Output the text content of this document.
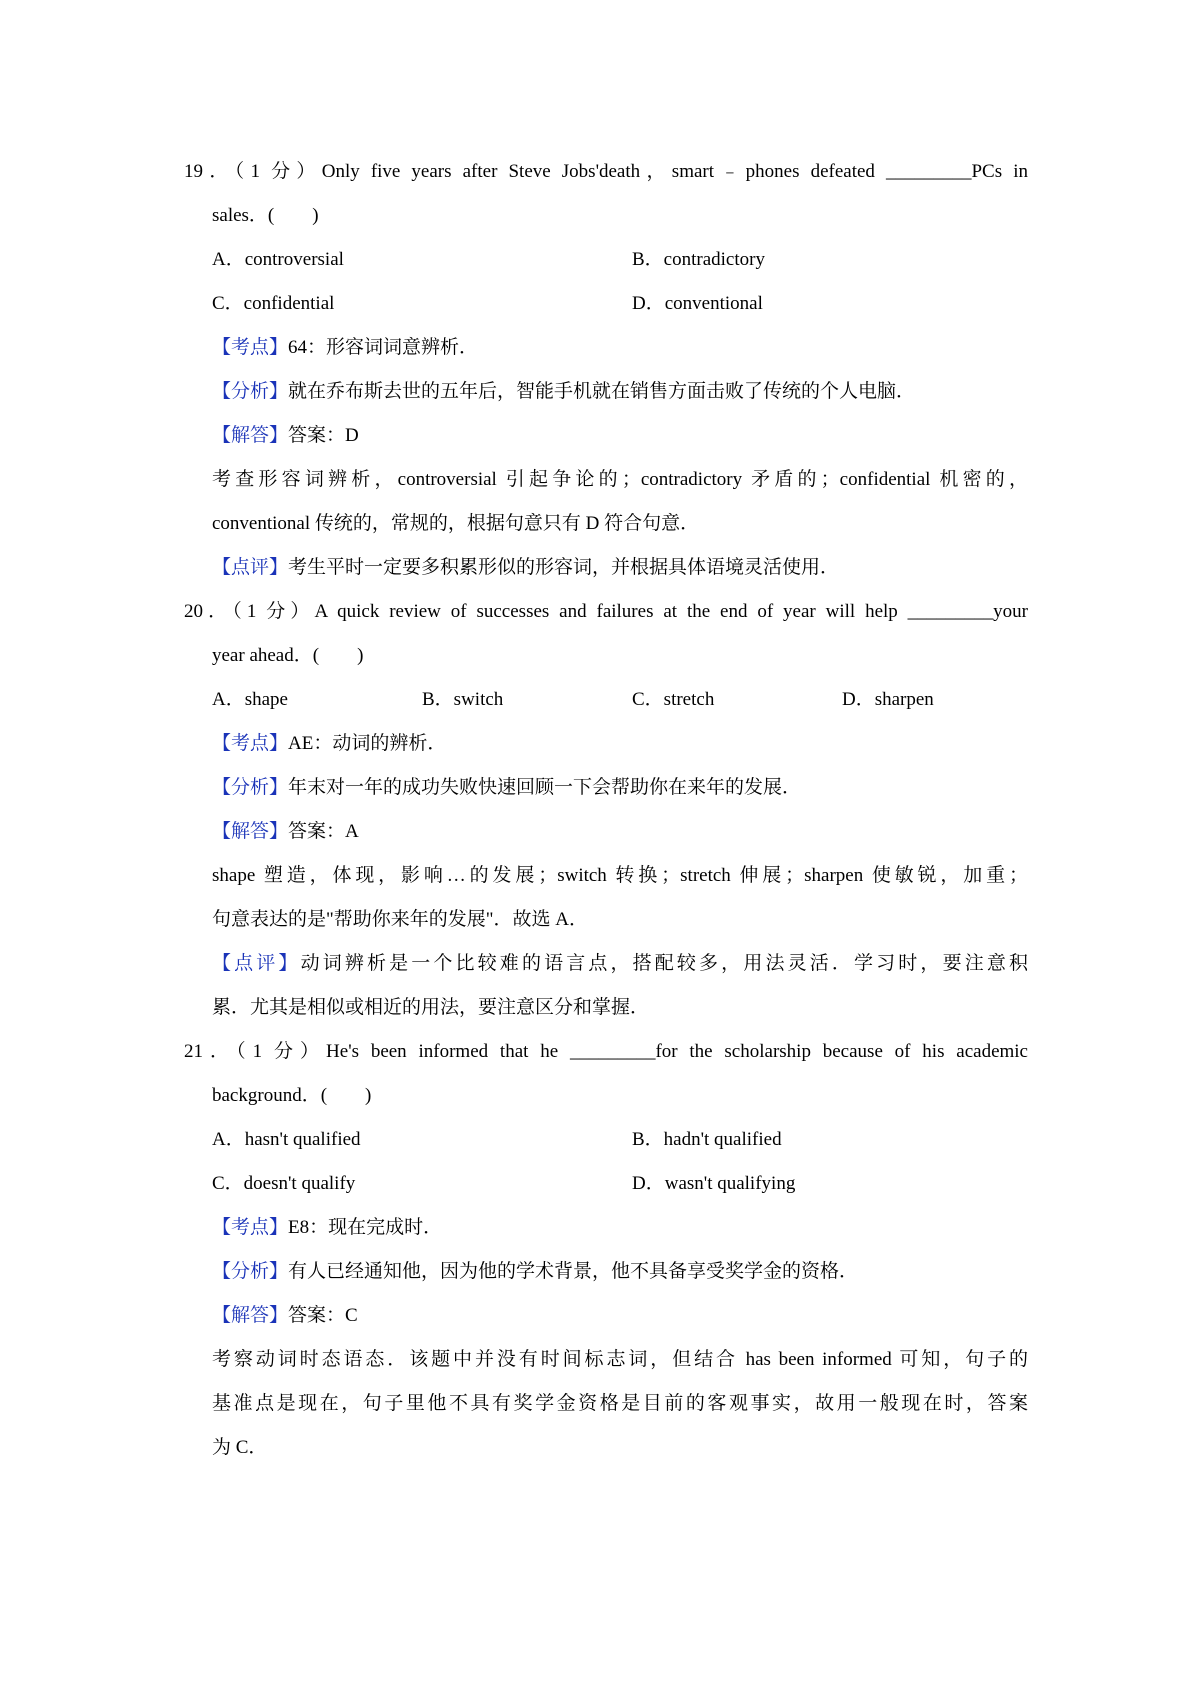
19．（1 分）Only five years after Steve Jobs'death，smart﹣phones defeated _________PCs in
sales．(　　)
A．controversial	B．contradictory
C．confidential	D．conventional
【考点】64：形容词词意辨析．
【分析】就在乔布斯去世的五年后，智能手机就在销售方面击败了传统的个人电脑．
【解答】答案：D
考查形容词辨析，controversial 引起争论的；contradictory 矛盾的；confidential 机密的，
conventional 传统的，常规的，根据句意只有 D 符合句意．
【点评】考生平时一定要多积累形似的形容词，并根据具体语境灵活使用．
20．（1 分）A quick review of successes and failures at the end of year will help _________your
year ahead．(　　)
A．shape	B．switch	C．stretch	D．sharpen
【考点】AE：动词的辨析．
【分析】年末对一年的成功失败快速回顾一下会帮助你在来年的发展．
【解答】答案：A
shape 塑造，体现，影响…的发展；switch 转换；stretch 伸展；sharpen 使敏锐，加重；
句意表达的是"帮助你来年的发展"．故选 A．
【点评】动词辨析是一个比较难的语言点，搭配较多，用法灵活．学习时，要注意积
累．尤其是相似或相近的用法，要注意区分和掌握．
21．（1 分）He's been informed that he _________for the scholarship because of his academic
background．(　　)
A．hasn't qualified	B．hadn't qualified
C．doesn't qualify	D．wasn't qualifying
【考点】E8：现在完成时．
【分析】有人已经通知他，因为他的学术背景，他不具备享受奖学金的资格．
【解答】答案：C
考察动词时态语态．该题中并没有时间标志词，但结合 has been informed 可知，句子的
基准点是现在，句子里他不具有奖学金资格是目前的客观事实，故用一般现在时，答案
为 C．
